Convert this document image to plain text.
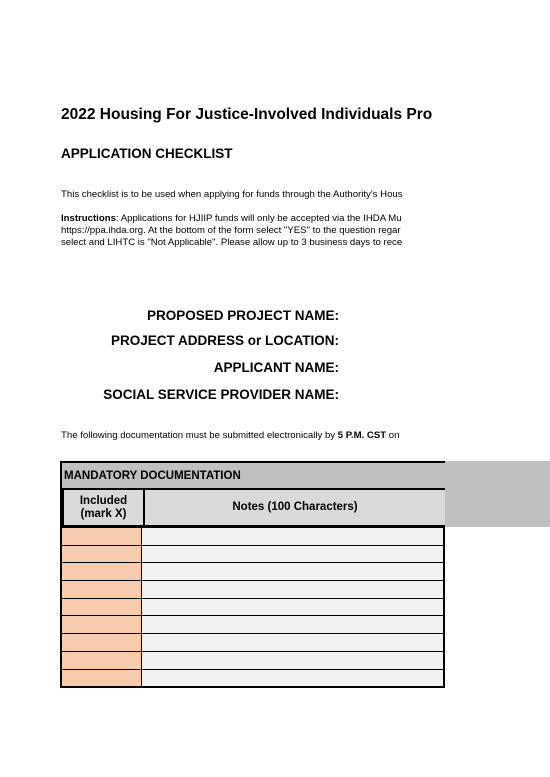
2022 Housing For Justice-Involved Individuals Pro
APPLICATION CHECKLIST
This checklist is to be used when applying for funds through the Authority's Hous
Instructions: Applications for HJIIP funds will only be accepted via the IHDA Mu
https://ppa.ihda.org. At the bottom of the form select "YES" to the question regar
select and LIHTC is "Not Applicable". Please allow up to 3 business days to rece
PROPOSED PROJECT NAME:
PROJECT ADDRESS or LOCATION:
APPLICANT NAME:
SOCIAL SERVICE PROVIDER NAME:
The following documentation must be submitted electronically by 5 P.M. CST on
MANDATORY DOCUMENTATION
Included (mark X)
Notes (100 Characters)
